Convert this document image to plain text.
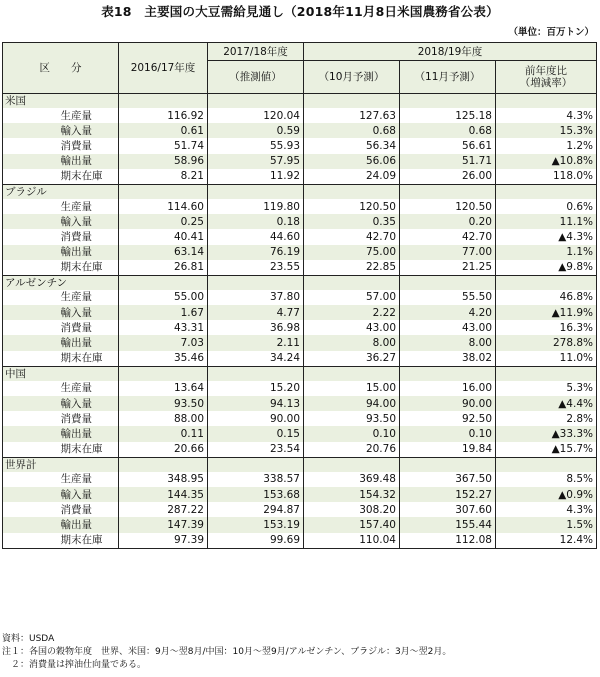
表18　主要国の大豆需給見通し（2018年11月8日米国農務省公表）
（単位：百万トン）
区　　分		2016/17年度	2017/18年度	2018/19年度		
			（推測値）	（10月予測）	（11月予測）	前年度比
（増減率）
米国						
	生産量	116.92	120.04	127.63	125.18	4.3%
	輸入量	0.61	0.59	0.68	0.68	15.3%
	消費量	51.74	55.93	56.34	56.61	1.2%
	輸出量	58.96	57.95	56.06	51.71	▲10.8%
	期末在庫	8.21	11.92	24.09	26.00	118.0%
ブラジル						
	生産量	114.60	119.80	120.50	120.50	0.6%
	輸入量	0.25	0.18	0.35	0.20	11.1%
	消費量	40.41	44.60	42.70	42.70	▲4.3%
	輸出量	63.14	76.19	75.00	77.00	1.1%
	期末在庫	26.81	23.55	22.85	21.25	▲9.8%
アルゼンチン						
	生産量	55.00	37.80	57.00	55.50	46.8%
	輸入量	1.67	4.77	2.22	4.20	▲11.9%
	消費量	43.31	36.98	43.00	43.00	16.3%
	輸出量	7.03	2.11	8.00	8.00	278.8%
	期末在庫	35.46	34.24	36.27	38.02	11.0%
中国						
	生産量	13.64	15.20	15.00	16.00	5.3%
	輸入量	93.50	94.13	94.00	90.00	▲4.4%
	消費量	88.00	90.00	93.50	92.50	2.8%
	輸出量	0.11	0.15	0.10	0.10	▲33.3%
	期末在庫	20.66	23.54	20.76	19.84	▲15.7%
世界計						
	生産量	348.95	338.57	369.48	367.50	8.5%
	輸入量	144.35	153.68	154.32	152.27	▲0.9%
	消費量	287.22	294.87	308.20	307.60	4.3%
	輸出量	147.39	153.19	157.40	155.44	1.5%
	期末在庫	97.39	99.69	110.04	112.08	12.4%
資料：USDA
注１：各国の穀物年度　世界、米国：9月～翌8月/中国：10月～翌9月/アルゼンチン、ブラジル：3月～翌2月。
　２：消費量は搾油仕向量である。
